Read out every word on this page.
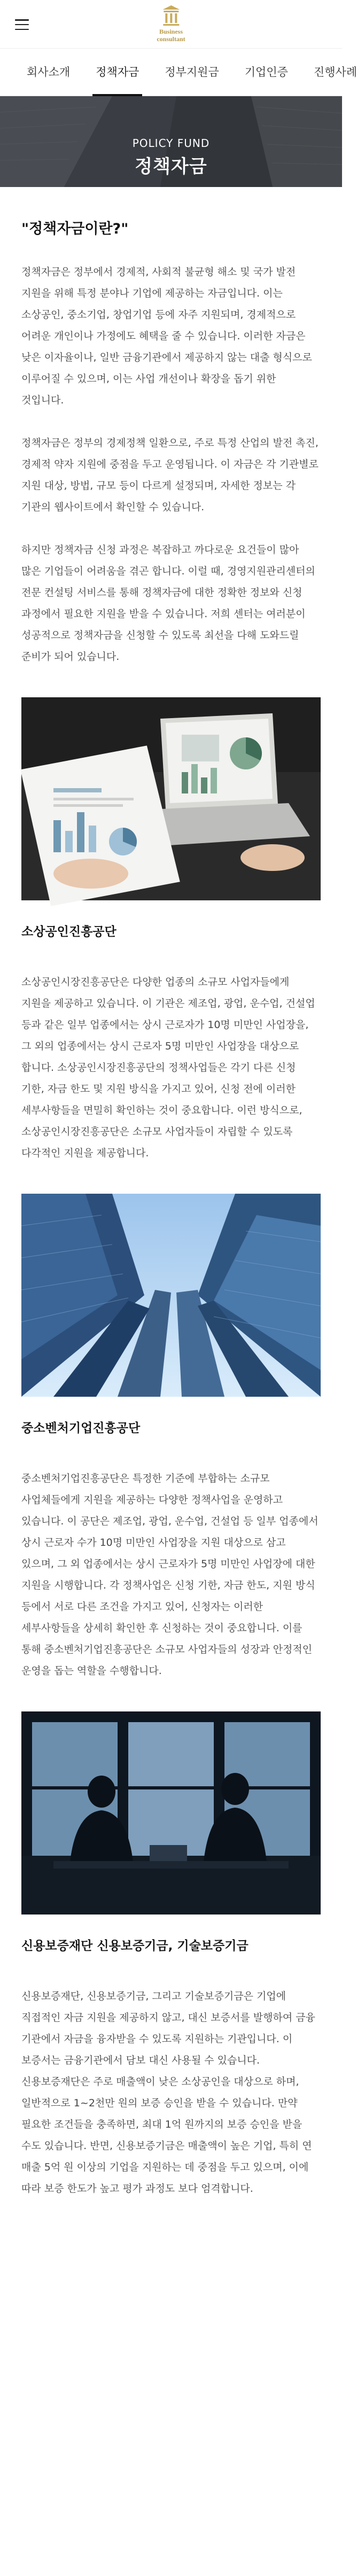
Business
consultant
회사소개 정책자금 정부지원금 기업인증 진행사례
POLICY FUND
정책자금
"정책자금이란?"

정책자금은 정부에서 경제적, 사회적 불균형 해소 및 국가 발전 지원을 위해 특정 분야나 기업에 제공하는 자금입니다. 이는 소상공인, 중소기업, 창업기업 등에 자주 지원되며, 경제적으로 어려운 개인이나 가정에도 혜택을 줄 수 있습니다. 이러한 자금은 낮은 이자율이나, 일반 금융기관에서 제공하지 않는 대출 형식으로 이루어질 수 있으며, 이는 사업 개선이나 확장을 돕기 위한 것입니다.

정책자금은 정부의 경제정책 일환으로, 주로 특정 산업의 발전 촉진, 경제적 약자 지원에 중점을 두고 운영됩니다. 이 자금은 각 기관별로 지원 대상, 방법, 규모 등이 다르게 설정되며, 자세한 정보는 각 기관의 웹사이트에서 확인할 수 있습니다.

하지만 정책자금 신청 과정은 복잡하고 까다로운 요건들이 많아 많은 기업들이 어려움을 겪곤 합니다. 이럴 때, 경영지원관리센터의 전문 컨설팅 서비스를 통해 정책자금에 대한 정확한 정보와 신청 과정에서 필요한 지원을 받을 수 있습니다. 저희 센터는 여러분이 성공적으로 정책자금을 신청할 수 있도록 최선을 다해 도와드릴 준비가 되어 있습니다.

소상공인진흥공단

소상공인시장진흥공단은 다양한 업종의 소규모 사업자들에게 지원을 제공하고 있습니다. 이 기관은 제조업, 광업, 운수업, 건설업 등과 같은 일부 업종에서는 상시 근로자가 10명 미만인 사업장을, 그 외의 업종에서는 상시 근로자 5명 미만인 사업장을 대상으로 합니다. 소상공인시장진흥공단의 정책사업들은 각기 다른 신청 기한, 자금 한도 및 지원 방식을 가지고 있어, 신청 전에 이러한 세부사항들을 면밀히 확인하는 것이 중요합니다. 이런 방식으로, 소상공인시장진흥공단은 소규모 사업자들이 자립할 수 있도록 다각적인 지원을 제공합니다.

중소벤처기업진흥공단

중소벤처기업진흥공단은 특정한 기준에 부합하는 소규모 사업체들에게 지원을 제공하는 다양한 정책사업을 운영하고 있습니다. 이 공단은 제조업, 광업, 운수업, 건설업 등 일부 업종에서 상시 근로자 수가 10명 미만인 사업장을 지원 대상으로 삼고 있으며, 그 외 업종에서는 상시 근로자가 5명 미만인 사업장에 대한 지원을 시행합니다. 각 정책사업은 신청 기한, 자금 한도, 지원 방식 등에서 서로 다른 조건을 가지고 있어, 신청자는 이러한 세부사항들을 상세히 확인한 후 신청하는 것이 중요합니다. 이를 통해 중소벤처기업진흥공단은 소규모 사업자들의 성장과 안정적인 운영을 돕는 역할을 수행합니다.

신용보증재단 신용보증기금, 기술보증기금

신용보증재단, 신용보증기금, 그리고 기술보증기금은 기업에 직접적인 자금 지원을 제공하지 않고, 대신 보증서를 발행하여 금융 기관에서 자금을 융자받을 수 있도록 지원하는 기관입니다. 이 보증서는 금융기관에서 담보 대신 사용될 수 있습니다. 신용보증재단은 주로 매출액이 낮은 소상공인을 대상으로 하며, 일반적으로 1~2천만 원의 보증 승인을 받을 수 있습니다. 만약 필요한 조건들을 충족하면, 최대 1억 원까지의 보증 승인을 받을 수도 있습니다. 반면, 신용보증기금은 매출액이 높은 기업, 특히 연 매출 5억 원 이상의 기업을 지원하는 데 중점을 두고 있으며, 이에 따라 보증 한도가 높고 평가 과정도 보다 엄격합니다.
